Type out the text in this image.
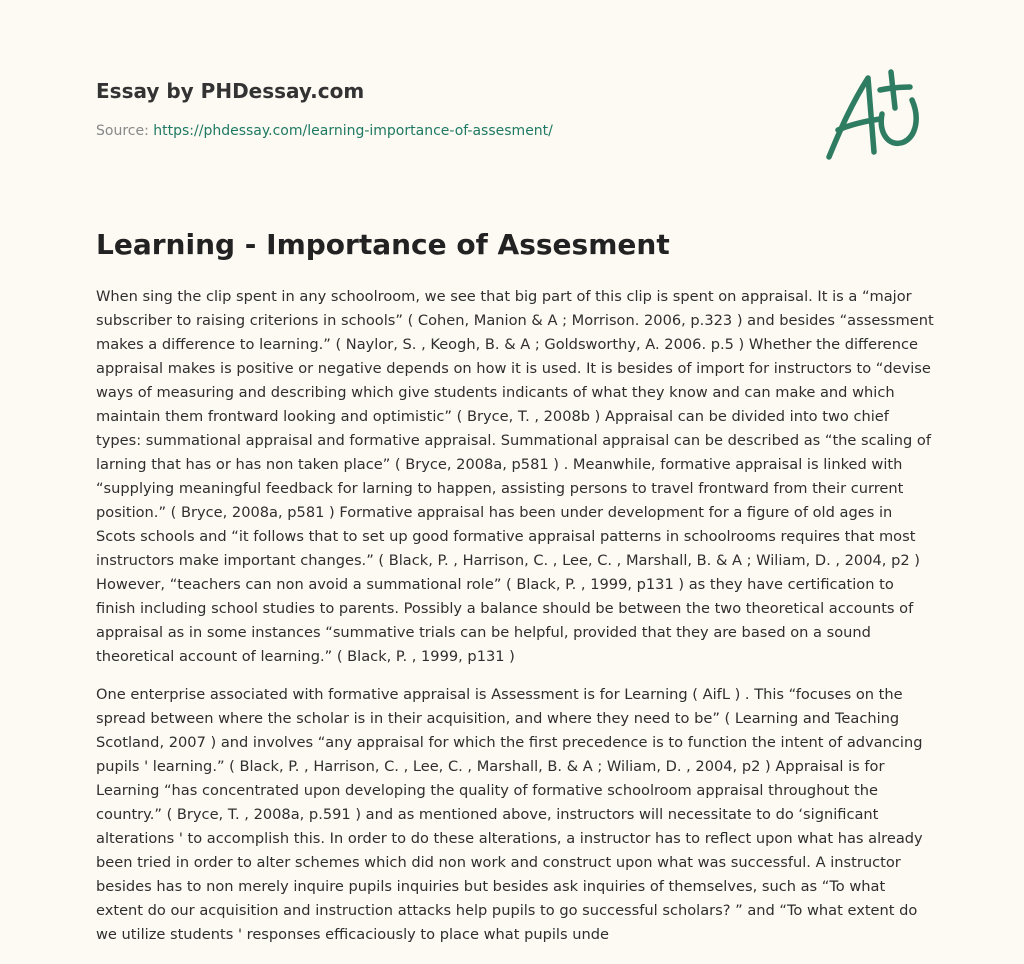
Essay by PHDessay.com
Source: https://phdessay.com/learning-importance-of-assesment/
Learning - Importance of Assesment

When sing the clip spent in any schoolroom, we see that big part of this clip is spent on appraisal. It is a “major subscriber to raising criterions in schools” ( Cohen, Manion & A ; Morrison. 2006, p.323 ) and besides “assessment makes a difference to learning.” ( Naylor, S. , Keogh, B. & A ; Goldsworthy, A. 2006. p.5 ) Whether the difference appraisal makes is positive or negative depends on how it is used. It is besides of import for instructors to “devise ways of measuring and describing which give students indicants of what they know and can make and which maintain them frontward looking and optimistic” ( Bryce, T. , 2008b ) Appraisal can be divided into two chief types: summational appraisal and formative appraisal. Summational appraisal can be described as “the scaling of larning that has or has non taken place” ( Bryce, 2008a, p581 ) . Meanwhile, formative appraisal is linked with “supplying meaningful feedback for larning to happen, assisting persons to travel frontward from their current position.” ( Bryce, 2008a, p581 ) Formative appraisal has been under development for a figure of old ages in Scots schools and “it follows that to set up good formative appraisal patterns in schoolrooms requires that most instructors make important changes.” ( Black, P. , Harrison, C. , Lee, C. , Marshall, B. & A ; Wiliam, D. , 2004, p2 ) However, “teachers can non avoid a summational role” ( Black, P. , 1999, p131 ) as they have certification to finish including school studies to parents. Possibly a balance should be between the two theoretical accounts of appraisal as in some instances “summative trials can be helpful, provided that they are based on a sound theoretical account of learning.” ( Black, P. , 1999, p131 )

One enterprise associated with formative appraisal is Assessment is for Learning ( AifL ) . This “focuses on the spread between where the scholar is in their acquisition, and where they need to be” ( Learning and Teaching Scotland, 2007 ) and involves “any appraisal for which the first precedence is to function the intent of advancing pupils ' learning.” ( Black, P. , Harrison, C. , Lee, C. , Marshall, B. & A ; Wiliam, D. , 2004, p2 ) Appraisal is for Learning “has concentrated upon developing the quality of formative schoolroom appraisal throughout the country.” ( Bryce, T. , 2008a, p.591 ) and as mentioned above, instructors will necessitate to do ‘significant alterations ' to accomplish this. In order to do these alterations, a instructor has to reflect upon what has already been tried in order to alter schemes which did non work and construct upon what was successful. A instructor besides has to non merely inquire pupils inquiries but besides ask inquiries of themselves, such as “To what extent do our acquisition and instruction attacks help pupils to go successful scholars? ” and “To what extent do we utilize students ' responses efficaciously to place what pupils unde
